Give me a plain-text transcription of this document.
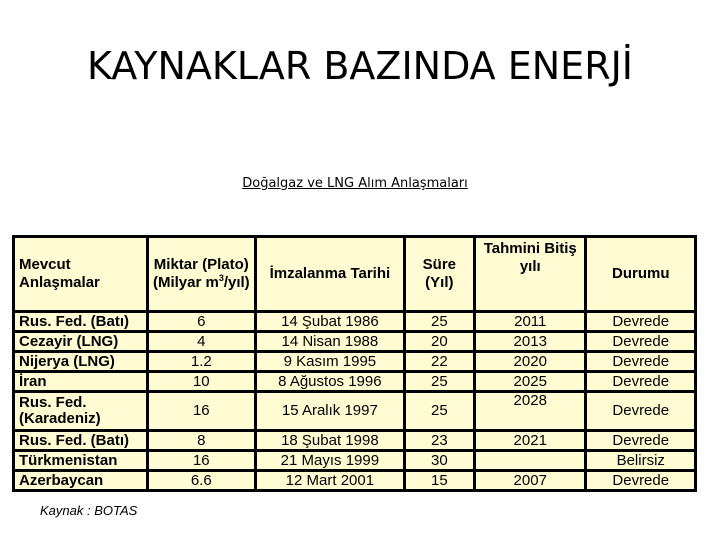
KAYNAKLAR BAZINDA ENERJİ
Doğalgaz ve LNG Alım Anlaşmaları
Mevcut Anlaşmalar	Miktar (Plato) (Milyar $m^3/yıl$)	İmzalanma Tarihi	Süre (Yıl)	Tahmini Bitiş yılı	Durumu
Rus. Fed. (Batı)	6	14 Şubat 1986	25	2011	Devrede
Cezayir (LNG)	4	14 Nisan 1988	20	2013	Devrede
Nijerya (LNG)	1.2	9 Kasım 1995	22	2020	Devrede
İran	10	8 Ağustos 1996	25	2025	Devrede
Rus. Fed. (Karadeniz)	16	15 Aralık 1997	25	2028	Devrede
Rus. Fed. (Batı)	8	18 Şubat 1998	23	2021	Devrede
Türkmenistan	16	21 Mayıs 1999	30		Belirsiz
Azerbaycan	6.6	12 Mart 2001	15	2007	Devrede
Kaynak : BOTAS
